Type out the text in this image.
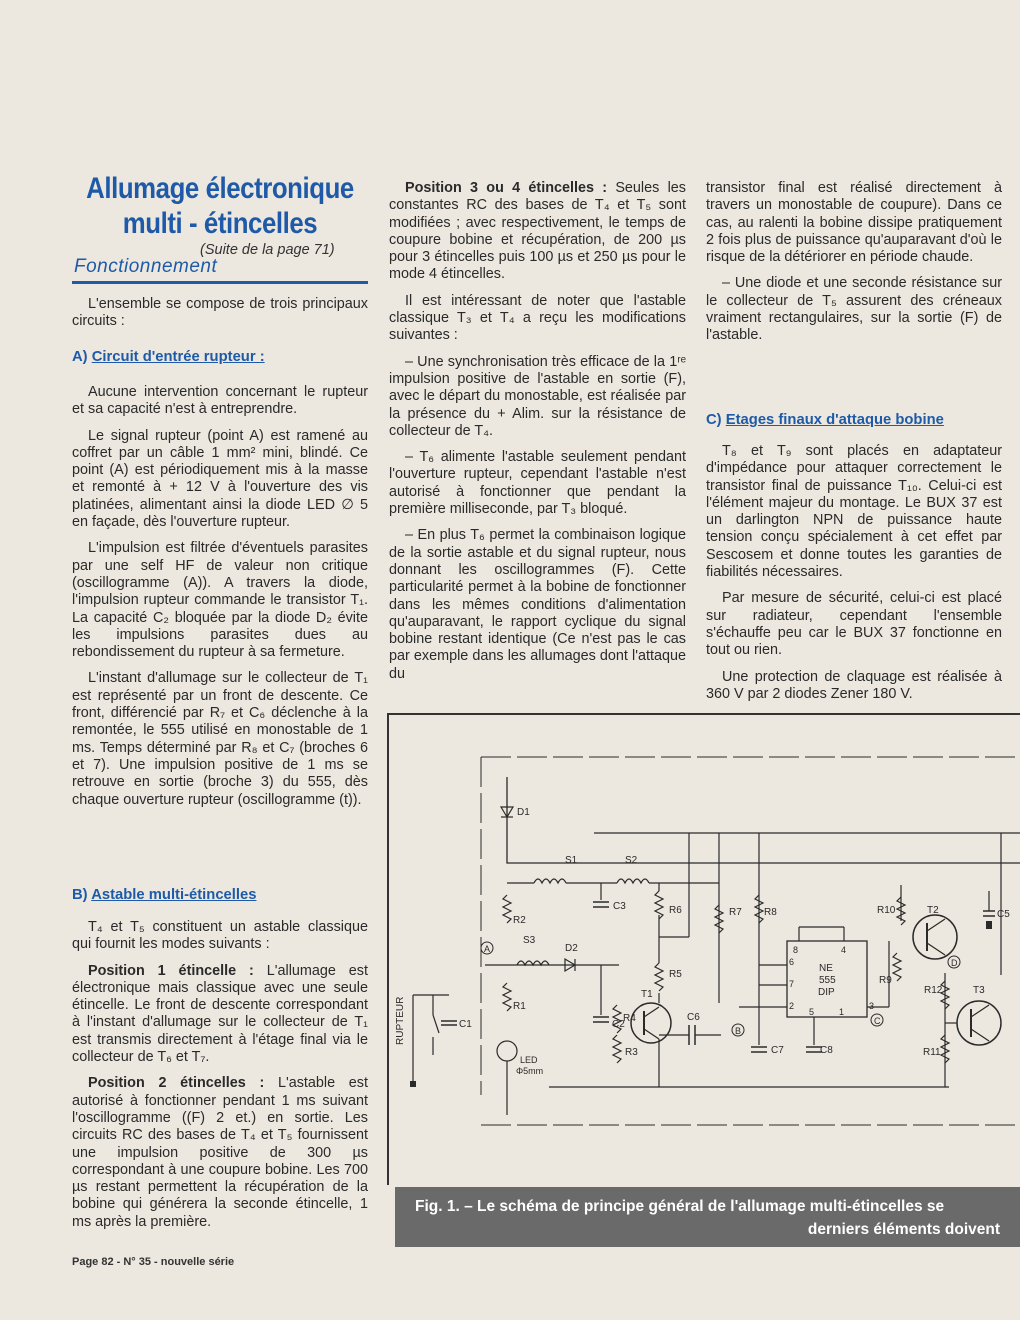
Allumage électronique
multi - étincelles
(Suite de la page 71)
Fonctionnement

L'ensemble se compose de trois principaux circuits :

A) Circuit d'entrée rupteur :

Aucune intervention concernant le rupteur et sa capacité n'est à entreprendre.

Le signal rupteur (point A) est ramené au coffret par un câble 1 mm² mini, blindé. Ce point (A) est périodiquement mis à la masse et remonté à + 12 V à l'ouverture des vis platinées, alimentant ainsi la diode LED ∅ 5 en façade, dès l'ouverture rupteur.

L'impulsion est filtrée d'éventuels parasites par une self HF de valeur non critique (oscillogramme (A)). A travers la diode, l'impulsion rupteur commande le transistor T₁. La capacité C₂ bloquée par la diode D₂ évite les impulsions parasites dues au rebondissement du rupteur à sa fermeture.

L'instant d'allumage sur le collecteur de T₁ est représenté par un front de descente. Ce front, différencié par R₇ et C₆ déclenche à la remontée, le 555 utilisé en monostable de 1 ms. Temps déterminé par R₈ et C₇ (broches 6 et 7). Une impulsion positive de 1 ms se retrouve en sortie (broche 3) du 555, dès chaque ouverture rupteur (oscillogramme (t)).

B) Astable multi-étincelles

T₄ et T₅ constituent un astable classique qui fournit les modes suivants :

Position 1 étincelle : L'allumage est électronique mais classique avec une seule étincelle. Le front de descente correspondant à l'instant d'allumage sur le collecteur de T₁ est transmis directement à l'étage final via le collecteur de T₆ et T₇.

Position 2 étincelles : L'astable est autorisé à fonctionner pendant 1 ms suivant l'oscillogramme ((F) 2 et.) en sortie. Les circuits RC des bases de T₄ et T₅ fournissent une impulsion positive de 300 µs correspondant à une coupure bobine. Les 700 µs restant permettent la récupération de la bobine qui générera la seconde étincelle, 1 ms après la première.

Position 3 ou 4 étincelles : Seules les constantes RC des bases de T₄ et T₅ sont modifiées ; avec respectivement, le temps de coupure bobine et récupération, de 200 µs pour 3 étincelles puis 100 µs et 250 µs pour le mode 4 étincelles.

Il est intéressant de noter que l'astable classique T₃ et T₄ a reçu les modifications suivantes :

– Une synchronisation très efficace de la 1ʳᵉ impulsion positive de l'astable en sortie (F), avec le départ du monostable, est réalisée par la présence du + Alim. sur la résistance de collecteur de T₄.

– T₆ alimente l'astable seulement pendant l'ouverture rupteur, cependant l'astable n'est autorisé à fonctionner que pendant la première milliseconde, par T₃ bloqué.

– En plus T₆ permet la combinaison logique de la sortie astable et du signal rupteur, nous donnant les oscillogrammes (F). Cette particularité permet à la bobine de fonctionner dans les mêmes conditions d'alimentation qu'auparavant, le rapport cyclique du signal bobine restant identique (Ce n'est pas le cas par exemple dans les allumages dont l'attaque du

transistor final est réalisé directement à travers un monostable de coupure). Dans ce cas, au ralenti la bobine dissipe pratiquement 2 fois plus de puissance qu'auparavant d'où le risque de la détériorer en période chaude.

– Une diode et une seconde résistance sur le collecteur de T₅ assurent des créneaux vraiment rectangulaires, sur la sortie (F) de l'astable.

C) Etages finaux d'attaque bobine

T₈ et T₉ sont placés en adaptateur d'impédance pour attaquer correctement le transistor final de puissance T₁₀. Celui-ci est l'élément majeur du montage. Le BUX 37 est un darlington NPN de puissance haute tension conçu spécialement à cet effet par Sescosem et donne toutes les garanties de fiabilités nécessaires.

Par mesure de sécurité, celui-ci est placé sur radiateur, cependant l'ensemble s'échauffe peu car le BUX 37 fonctionne en tout ou rien.

Une protection de claquage est réalisée à 360 V par 2 diodes Zener 180 V.

D1
S1	S2
C3
R2
A
S3
D2
R1
LED
Φ5mm
C1
RUPTEUR	C2
R4
R3
R6
R5
T1
C6
B
R7 R8
NE
555
DIP
8	4
6
7
2
5	1
3
C7	C8
C
R10
R9
T2
D
R12
R11
T3
C5
Fig. 1. – Le schéma de principe général de l'allumage multi-étincelles se
derniers éléments doivent
Page 82 - N° 35 - nouvelle série
